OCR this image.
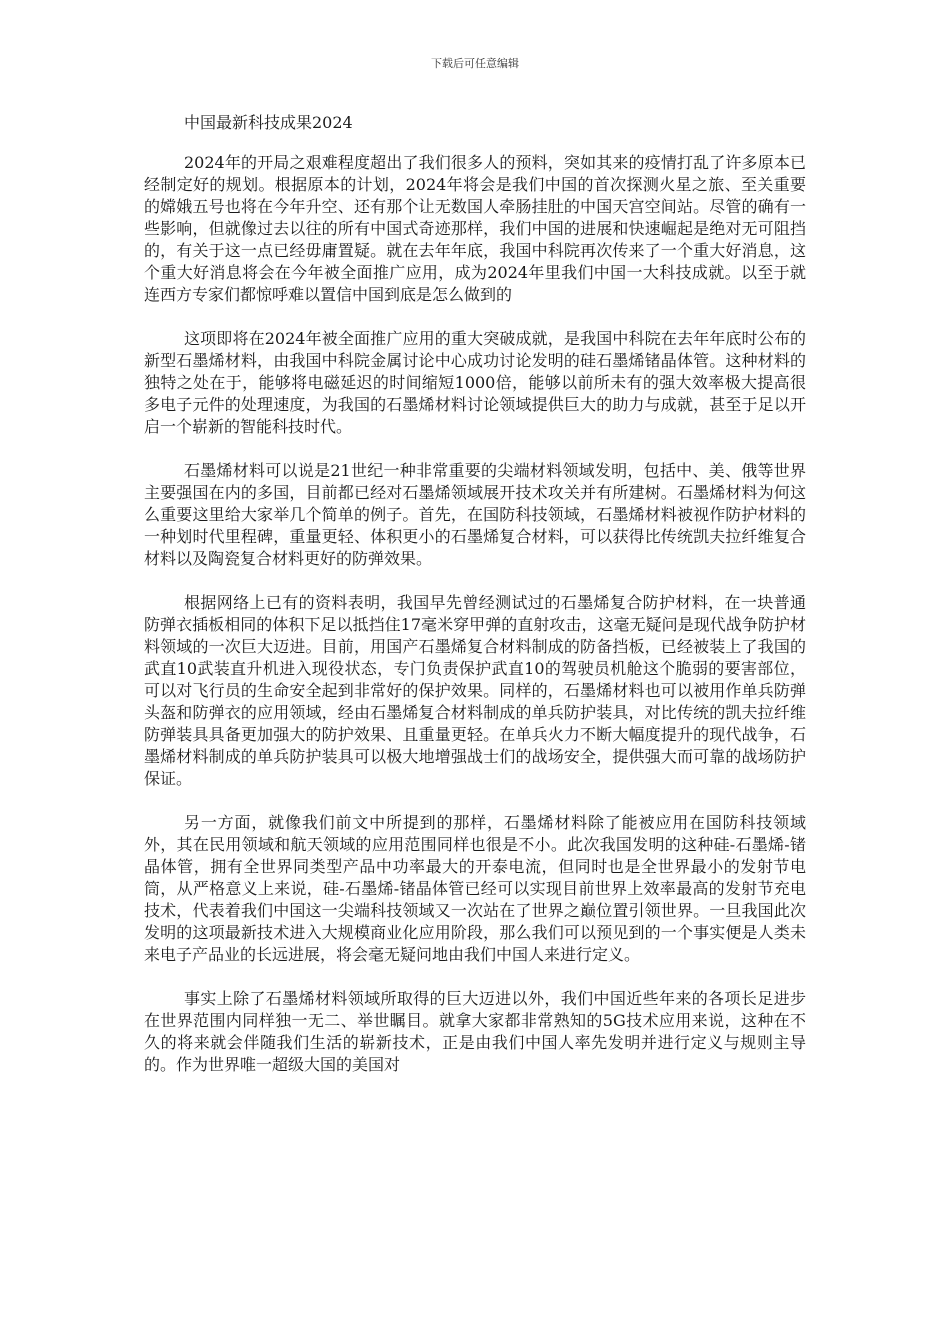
下载后可任意编辑
中国最新科技成果2024

2024年的开局之艰难程度超出了我们很多人的预料，突如其来的疫情打乱了许多原本已经制定好的规划。根据原本的计划，2024年将会是我们中国的首次探测火星之旅、至关重要的嫦娥五号也将在今年升空、还有那个让无数国人牵肠挂肚的中国天宫空间站。尽管的确有一些影响，但就像过去以往的所有中国式奇迹那样，我们中国的进展和快速崛起是绝对无可阻挡的，有关于这一点已经毋庸置疑。就在去年年底，我国中科院再次传来了一个重大好消息，这个重大好消息将会在今年被全面推广应用，成为2024年里我们中国一大科技成就。以至于就连西方专家们都惊呼难以置信中国到底是怎么做到的

这项即将在2024年被全面推广应用的重大突破成就，是我国中科院在去年年底时公布的新型石墨烯材料，由我国中科院金属讨论中心成功讨论发明的硅石墨烯锗晶体管。这种材料的独特之处在于，能够将电磁延迟的时间缩短1000倍，能够以前所未有的强大效率极大提高很多电子元件的处理速度，为我国的石墨烯材料讨论领域提供巨大的助力与成就，甚至于足以开启一个崭新的智能科技时代。

石墨烯材料可以说是21世纪一种非常重要的尖端材料领域发明，包括中、美、俄等世界主要强国在内的多国，目前都已经对石墨烯领域展开技术攻关并有所建树。石墨烯材料为何这么重要这里给大家举几个简单的例子。首先，在国防科技领域，石墨烯材料被视作防护材料的一种划时代里程碑，重量更轻、体积更小的石墨烯复合材料，可以获得比传统凯夫拉纤维复合材料以及陶瓷复合材料更好的防弹效果。

根据网络上已有的资料表明，我国早先曾经测试过的石墨烯复合防护材料，在一块普通防弹衣插板相同的体积下足以抵挡住17毫米穿甲弹的直射攻击，这毫无疑问是现代战争防护材料领域的一次巨大迈进。目前，用国产石墨烯复合材料制成的防备挡板，已经被装上了我国的武直10武装直升机进入现役状态，专门负责保护武直10的驾驶员机舱这个脆弱的要害部位，可以对飞行员的生命安全起到非常好的保护效果。同样的，石墨烯材料也可以被用作单兵防弹头盔和防弹衣的应用领域，经由石墨烯复合材料制成的单兵防护装具，对比传统的凯夫拉纤维防弹装具具备更加强大的防护效果、且重量更轻。在单兵火力不断大幅度提升的现代战争，石墨烯材料制成的单兵防护装具可以极大地增强战士们的战场安全，提供强大而可靠的战场防护保证。

另一方面，就像我们前文中所提到的那样，石墨烯材料除了能被应用在国防科技领域外，其在民用领域和航天领域的应用范围同样也很是不小。此次我国发明的这种硅-石墨烯-锗晶体管，拥有全世界同类型产品中功率最大的开泰电流，但同时也是全世界最小的发射节电筒，从严格意义上来说，硅-石墨烯-锗晶体管已经可以实现目前世界上效率最高的发射节充电技术，代表着我们中国这一尖端科技领域又一次站在了世界之巅位置引领世界。一旦我国此次发明的这项最新技术进入大规模商业化应用阶段，那么我们可以预见到的一个事实便是人类未来电子产品业的长远进展，将会毫无疑问地由我们中国人来进行定义。

事实上除了石墨烯材料领域所取得的巨大迈进以外，我们中国近些年来的各项长足进步在世界范围内同样独一无二、举世瞩目。就拿大家都非常熟知的5G技术应用来说，这种在不久的将来就会伴随我们生活的崭新技术，正是由我们中国人率先发明并进行定义与规则主导的。作为世界唯一超级大国的美国对
